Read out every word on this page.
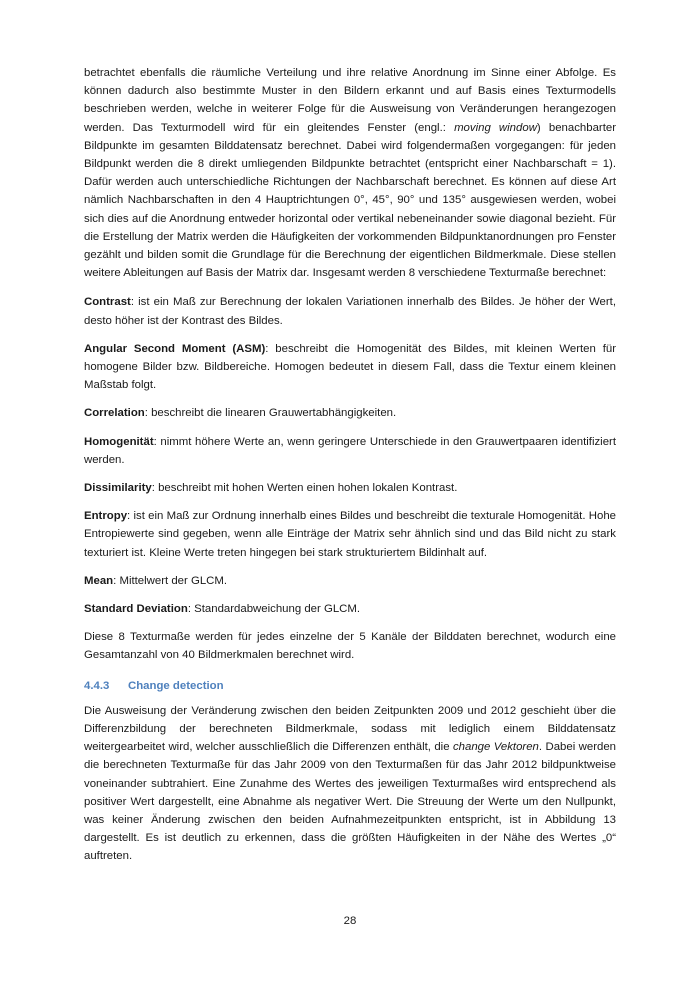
betrachtet ebenfalls die räumliche Verteilung und ihre relative Anordnung im Sinne einer Abfolge. Es können dadurch also bestimmte Muster in den Bildern erkannt und auf Basis eines Texturmodells beschrieben werden, welche in weiterer Folge für die Ausweisung von Veränderungen herangezogen werden. Das Texturmodell wird für ein gleitendes Fenster (engl.: moving window) benachbarter Bildpunkte im gesamten Bilddatensatz berechnet. Dabei wird folgendermaßen vorgegangen: für jeden Bildpunkt werden die 8 direkt umliegenden Bildpunkte betrachtet (entspricht einer Nachbarschaft = 1). Dafür werden auch unterschiedliche Richtungen der Nachbarschaft berechnet. Es können auf diese Art nämlich Nachbarschaften in den 4 Hauptrichtungen 0°, 45°, 90° und 135° ausgewiesen werden, wobei sich dies auf die Anordnung entweder horizontal oder vertikal nebeneinander sowie diagonal bezieht. Für die Erstellung der Matrix werden die Häufigkeiten der vorkommenden Bildpunktanordnungen pro Fenster gezählt und bilden somit die Grundlage für die Berechnung der eigentlichen Bildmerkmale. Diese stellen weitere Ableitungen auf Basis der Matrix dar. Insgesamt werden 8 verschiedene Texturmaße berechnet:

Contrast: ist ein Maß zur Berechnung der lokalen Variationen innerhalb des Bildes. Je höher der Wert, desto höher ist der Kontrast des Bildes.

Angular Second Moment (ASM): beschreibt die Homogenität des Bildes, mit kleinen Werten für homogene Bilder bzw. Bildbereiche. Homogen bedeutet in diesem Fall, dass die Textur einem kleinen Maßstab folgt.

Correlation: beschreibt die linearen Grauwertabhängigkeiten.

Homogenität: nimmt höhere Werte an, wenn geringere Unterschiede in den Grauwertpaaren identifiziert werden.

Dissimilarity: beschreibt mit hohen Werten einen hohen lokalen Kontrast.

Entropy: ist ein Maß zur Ordnung innerhalb eines Bildes und beschreibt die texturale Homogenität. Hohe Entropiewerte sind gegeben, wenn alle Einträge der Matrix sehr ähnlich sind und das Bild nicht zu stark texturiert ist. Kleine Werte treten hingegen bei stark strukturiertem Bildinhalt auf.

Mean: Mittelwert der GLCM.

Standard Deviation: Standardabweichung der GLCM.

Diese 8 Texturmaße werden für jedes einzelne der 5 Kanäle der Bilddaten berechnet, wodurch eine Gesamtanzahl von 40 Bildmerkmalen berechnet wird.

4.4.3 Change detection

Die Ausweisung der Veränderung zwischen den beiden Zeitpunkten 2009 und 2012 geschieht über die Differenzbildung der berechneten Bildmerkmale, sodass mit lediglich einem Bilddatensatz weitergearbeitet wird, welcher ausschließlich die Differenzen enthält, die change Vektoren. Dabei werden die berechneten Texturmaße für das Jahr 2009 von den Texturmaßen für das Jahr 2012 bildpunktweise voneinander subtrahiert. Eine Zunahme des Wertes des jeweiligen Texturmaßes wird entsprechend als positiver Wert dargestellt, eine Abnahme als negativer Wert. Die Streuung der Werte um den Nullpunkt, was keiner Änderung zwischen den beiden Aufnahmezeitpunkten entspricht, ist in Abbildung 13 dargestellt. Es ist deutlich zu erkennen, dass die größten Häufigkeiten in der Nähe des Wertes „0“ auftreten.

28
